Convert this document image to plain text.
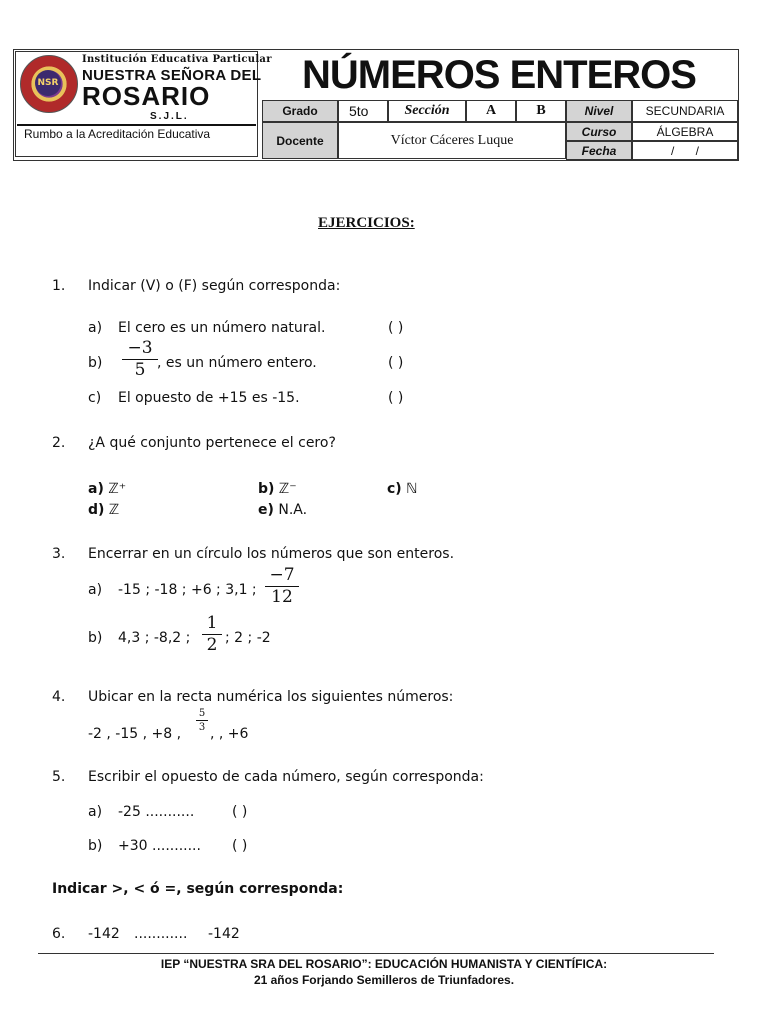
NSR
Institución Educativa Particular
NUESTRA SEÑORA DEL
ROSARIO
S.J.L.
Rumbo a la Acreditación Educativa
NÚMEROS ENTEROS
Grado	5to	Sección	A	B	Nivel	SECUNDARIA
Docente	Víctor Cáceres Luque
Curso	ÁLGEBRA
Fecha	/ /
EJERCICIOS:
1. Indicar (V) o (F) según corresponda:
a) El cero es un número natural.	( )
b)
−3
5 , es un número entero.	( )
c) El opuesto de +15 es -15.	( )
2. ¿A qué conjunto pertenece el cero?
a) ℤ⁺	b) ℤ⁻	c) ℕ
d) ℤ	e) N.A.
3. Encerrar en un círculo los números que son enteros.
a) -15 ; -18 ; +6 ; 3,1 ;
−7
12
b) 4,3 ; -8,2 ;
1
2 ; 2 ; -2
4. Ubicar en la recta numérica los siguientes números:
-2 , -15 , +8 ,
5
3 , , +6
5. Escribir el opuesto de cada número, según corresponda:
a) -25 ...........	( )
b) +30 ........... ( )
Indicar >, < ó =, según corresponda:
6. -142 ............ -142
IEP “NUESTRA SRA DEL ROSARIO”: EDUCACIÓN HUMANISTA Y CIENTÍFICA:
21 años Forjando Semilleros de Triunfadores.
